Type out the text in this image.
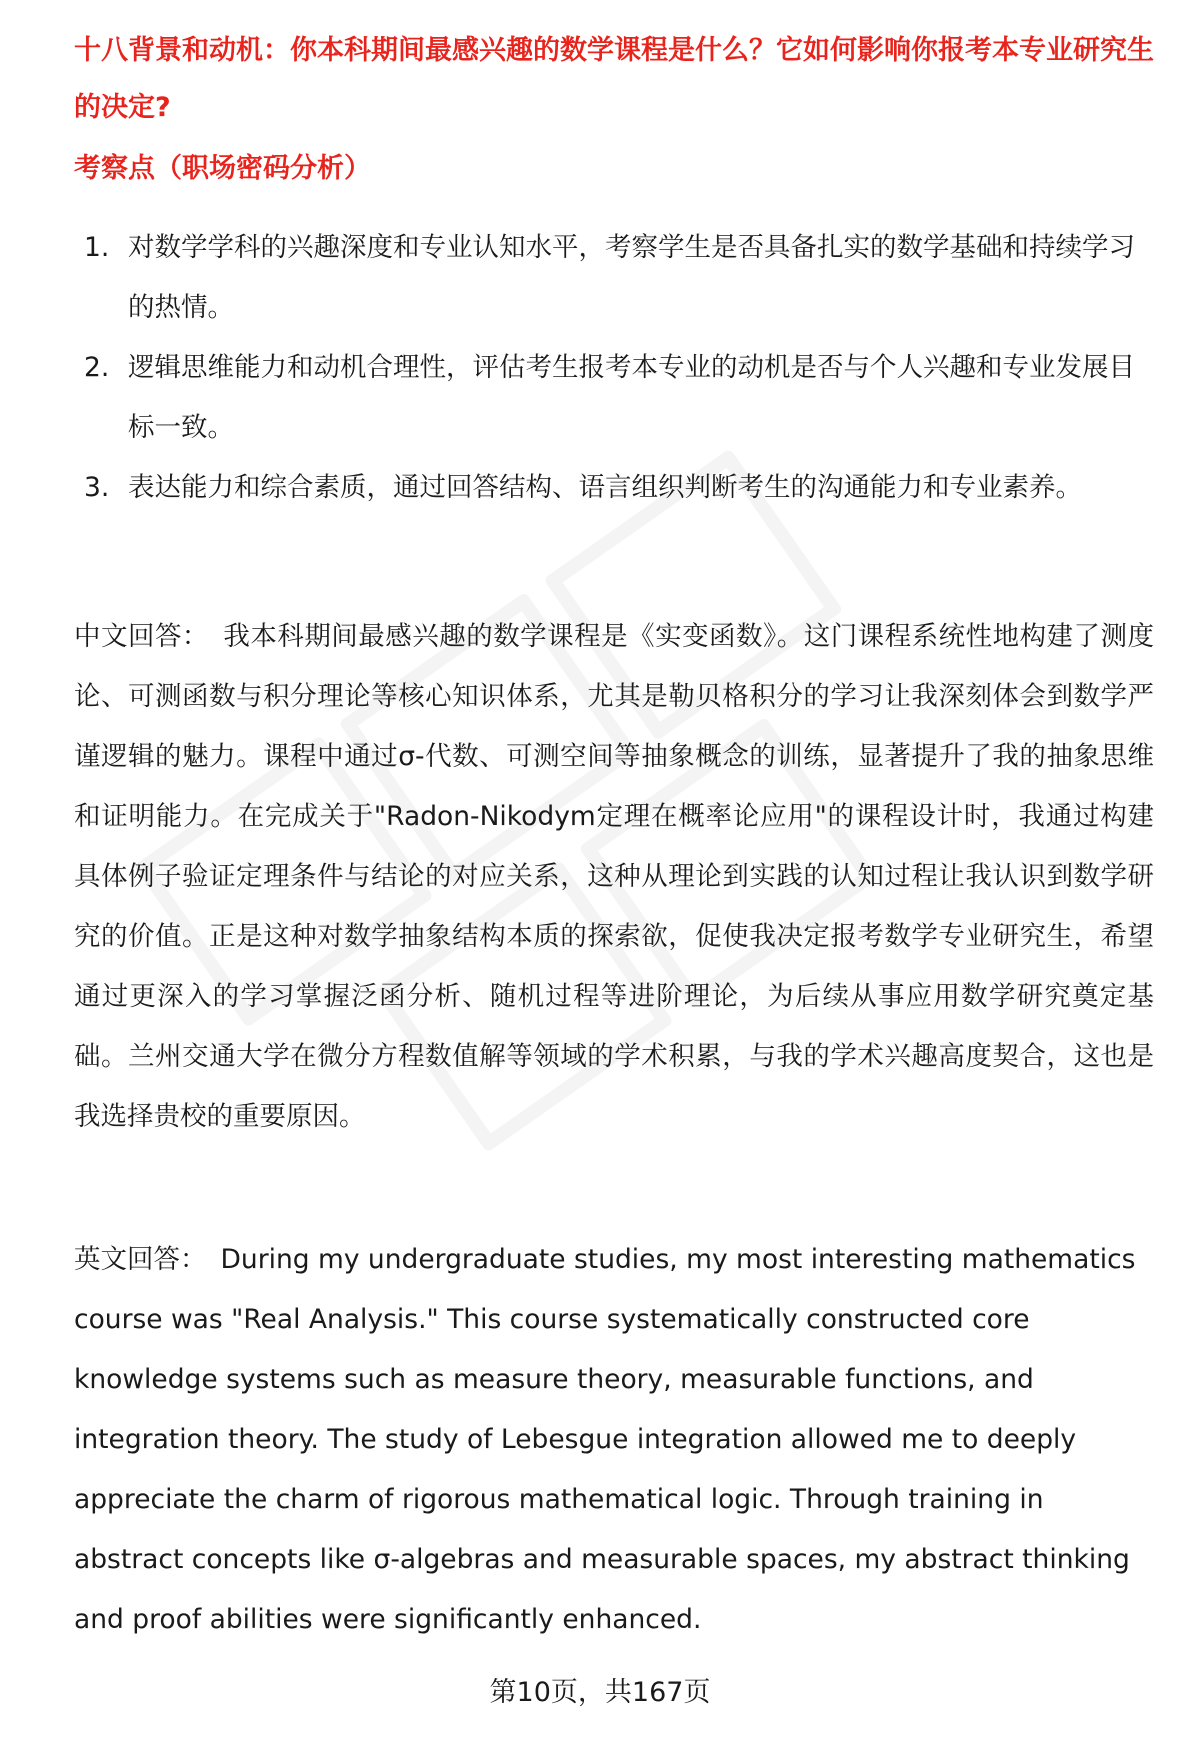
十八背景和动机：你本科期间最感兴趣的数学课程是什么？它如何影响你报考本专业研究生的决定?

考察点（职场密码分析）

1. 对数学学科的兴趣深度和专业认知水平，考察学生是否具备扎实的数学基础和持续学习的热情。
2. 逻辑思维能力和动机合理性，评估考生报考本专业的动机是否与个人兴趣和专业发展目标一致。
3. 表达能力和综合素质，通过回答结构、语言组织判断考生的沟通能力和专业素养。

中文回答： 我本科期间最感兴趣的数学课程是《实变函数》。这门课程系统性地构建了测度论、可测函数与积分理论等核心知识体系，尤其是勒贝格积分的学习让我深刻体会到数学严谨逻辑的魅力。课程中通过σ-代数、可测空间等抽象概念的训练，显著提升了我的抽象思维和证明能力。在完成关于"Radon-Nikodym定理在概率论应用"的课程设计时，我通过构建具体例子验证定理条件与结论的对应关系，这种从理论到实践的认知过程让我认识到数学研究的价值。正是这种对数学抽象结构本质的探索欲，促使我决定报考数学专业研究生，希望通过更深入的学习掌握泛函分析、随机过程等进阶理论，为后续从事应用数学研究奠定基础。兰州交通大学在微分方程数值解等领域的学术积累，与我的学术兴趣高度契合，这也是我选择贵校的重要原因。

英文回答： During my undergraduate studies, my most interesting mathematics course was "Real Analysis." This course systematically constructed core knowledge systems such as measure theory, measurable functions, and integration theory. The study of Lebesgue integration allowed me to deeply appreciate the charm of rigorous mathematical logic. Through training in abstract concepts like σ-algebras and measurable spaces, my abstract thinking and proof abilities were significantly enhanced.

第10页，共167页
